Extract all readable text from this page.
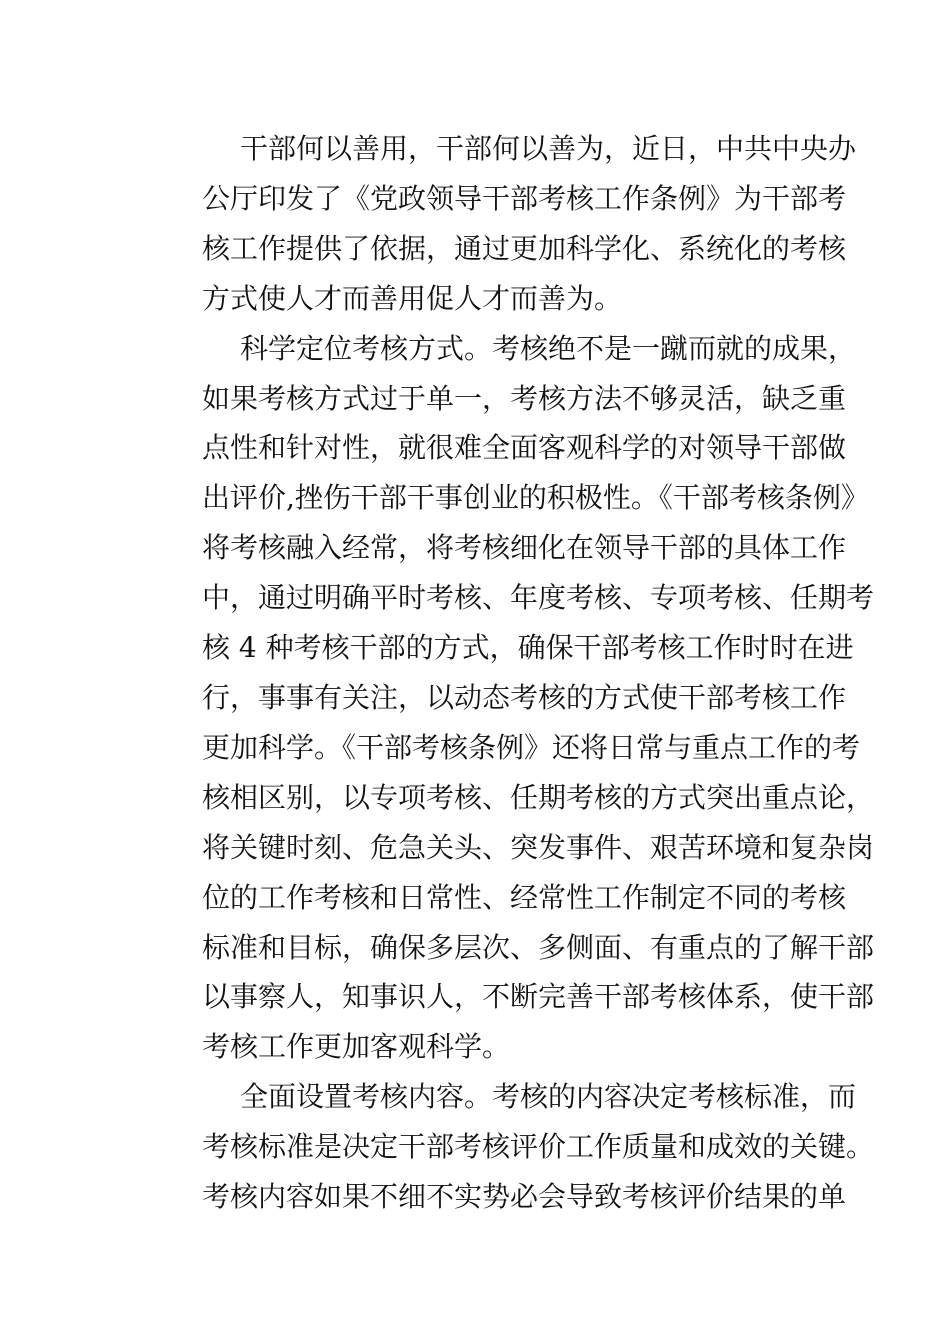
干部何以善用，干部何以善为，近日，中共中央办
公厅印发了《党政领导干部考核工作条例》为干部考
核工作提供了依据，通过更加科学化、系统化的考核
方式使人才而善用促人才而善为。
科学定位考核方式。考核绝不是一蹴而就的成果，
如果考核方式过于单一，考核方法不够灵活，缺乏重
点性和针对性，就很难全面客观科学的对领导干部做
出评价,挫伤干部干事创业的积极性。《干部考核条例》
将考核融入经常，将考核细化在领导干部的具体工作
中，通过明确平时考核、年度考核、专项考核、任期考
核 4 种考核干部的方式，确保干部考核工作时时在进
行，事事有关注，以动态考核的方式使干部考核工作
更加科学。《干部考核条例》还将日常与重点工作的考
核相区别，以专项考核、任期考核的方式突出重点论，
将关键时刻、危急关头、突发事件、艰苦环境和复杂岗
位的工作考核和日常性、经常性工作制定不同的考核
标准和目标，确保多层次、多侧面、有重点的了解干部
以事察人，知事识人，不断完善干部考核体系，使干部
考核工作更加客观科学。
全面设置考核内容。考核的内容决定考核标准，而
考核标准是决定干部考核评价工作质量和成效的关键。
考核内容如果不细不实势必会导致考核评价结果的单
